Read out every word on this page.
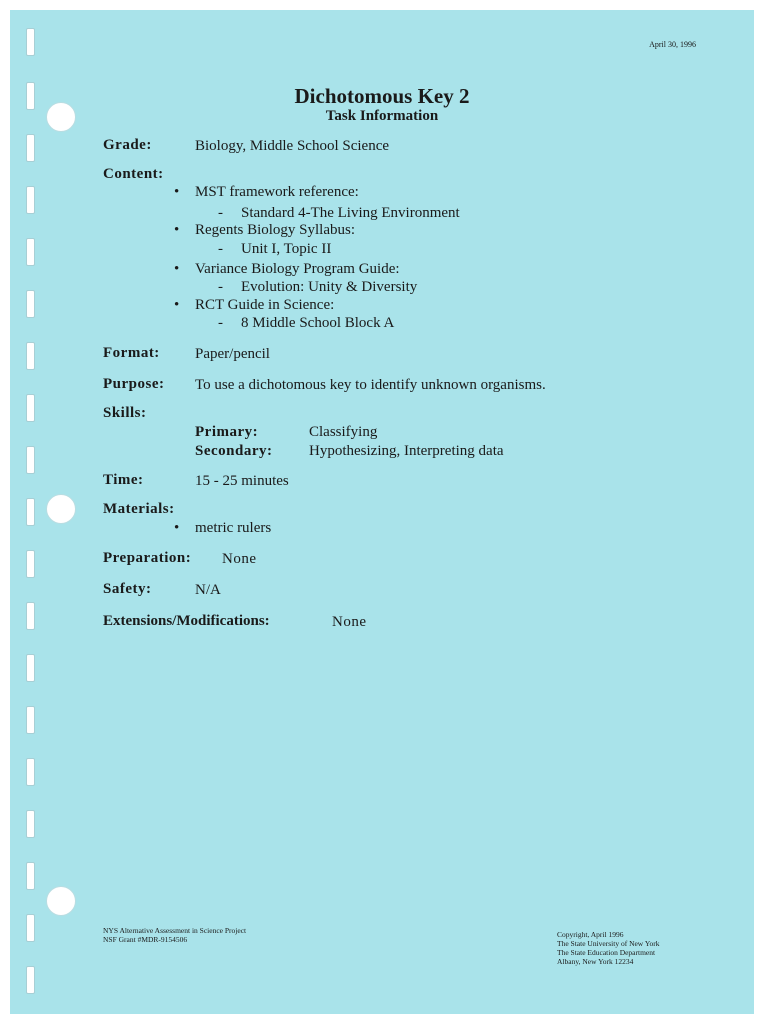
April 30, 1996
Dichotomous Key 2
Task Information
Grade:	Biology, Middle School Science
Content:
• MST framework reference:
- Standard 4-The Living Environment
• Regents Biology Syllabus:
- Unit I, Topic II
• Variance Biology Program Guide:
- Evolution: Unity & Diversity
• RCT Guide in Science:
- 8 Middle School Block A
Format: Paper/pencil
Purpose: To use a dichotomous key to identify unknown organisms.
Skills:
Primary:	Classifying
Secondary: Hypothesizing, Interpreting data
Time:	15 - 25 minutes
Materials:
• metric rulers
Preparation: None
Safety:	N/A
Extensions/Modifications:	None
NYS Alternative Assessment in Science Project
NSF Grant #MDR-9154506
Copyright, April 1996
The State University of New York
The State Education Department
Albany, New York 12234
